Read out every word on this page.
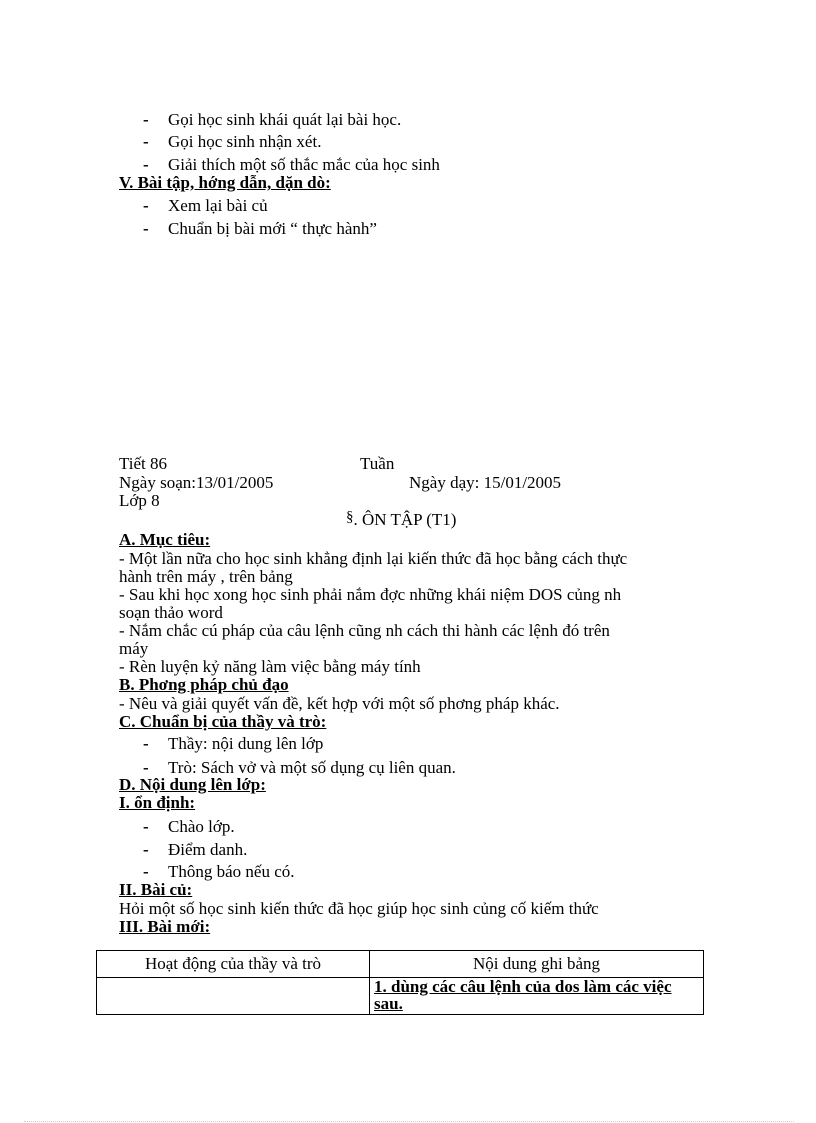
- Gọi học sinh khái quát lại bài học.
- Gọi học sinh nhận xét.
- Giải thích một số thắc mắc của học sinh
V. Bài tập, hớng dẫn, dặn dò:
- Xem lại bài củ
- Chuẩn bị bài mới “ thực hành”
Tiết 86	Tuần
Ngày soạn:13/01/2005	Ngày dạy: 15/01/2005
Lớp 8
§. ÔN TẬP (T1)
A. Mục tiêu:
- Một lần nữa cho học sinh khẳng định lại kiến thức đã học bằng cách thực
hành trên máy , trên bảng
- Sau khi học xong học sinh phải nắm đợc những khái niệm DOS củng nh
soạn thảo word
- Nắm chắc cú pháp của câu lệnh cũng nh cách thi hành các lệnh đó trên
máy
- Rèn luyện kỷ năng làm việc bằng máy tính
B. Phơng pháp chủ đạo
- Nêu và giải quyết vấn đề, kết hợp với một số phơng pháp khác.
C. Chuẩn bị của thầy và trò:
- Thầy: nội dung lên lớp
- Trò: Sách vở và một số dụng cụ liên quan.
D. Nội dung lên lớp:
I. ổn định:
- Chào lớp.
- Điểm danh.
- Thông báo nếu có.
II. Bài củ:
Hỏi một số học sinh kiến thức đã học giúp học sinh củng cố kiếm thức
III. Bài mới:
Hoạt động của thầy và trò	Nội dung ghi bảng
	1. dùng các câu lệnh của dos làm các việc sau.
